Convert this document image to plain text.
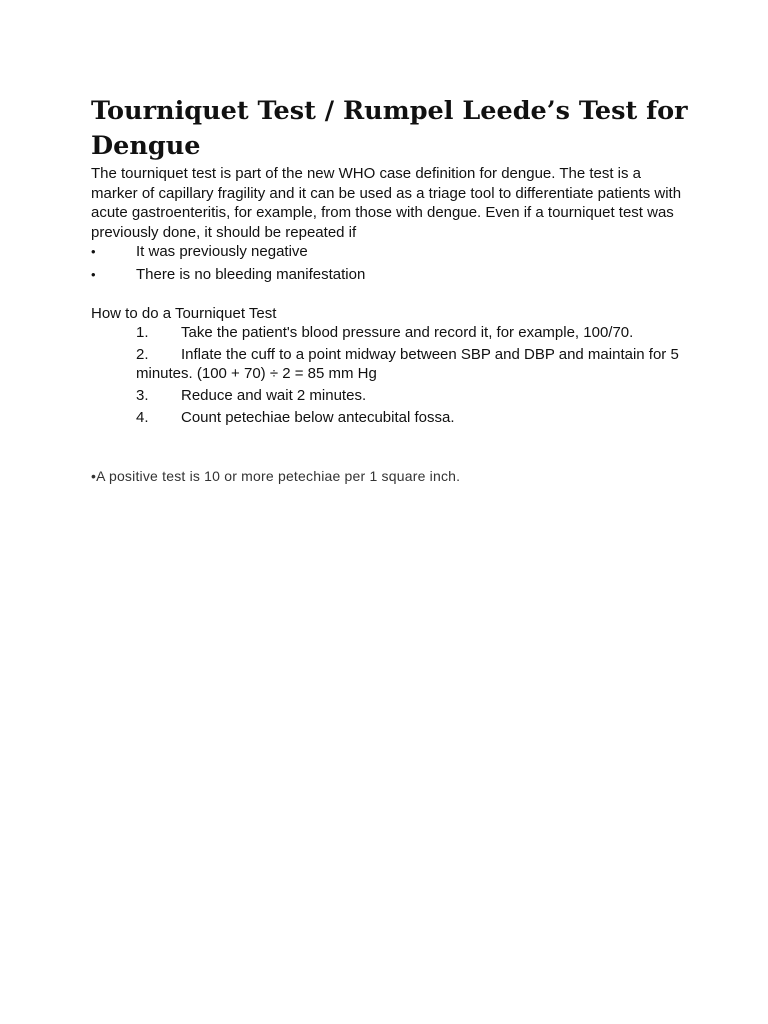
Tourniquet Test / Rumpel Leede’s Test for Dengue

The tourniquet test is part of the new WHO case definition for dengue. The test is a marker of capillary fragility and it can be used as a triage tool to differentiate patients with acute gastroenteritis, for example, from those with dengue. Even if a tourniquet test was previously done, it should be repeated if

•	It was previously negative
•	There is no bleeding manifestation

How to do a Tourniquet Test

1.	Take the patient's blood pressure and record it, for example, 100/70.
2. Inflate the cuff to a point midway between SBP and DBP and maintain for 5 minutes. (100 + 70) ÷ 2 = 85 mm Hg
3.	Reduce and wait 2 minutes.
4.	Count petechiae below antecubital fossa.

•A positive test is 10 or more petechiae per 1 square inch.
